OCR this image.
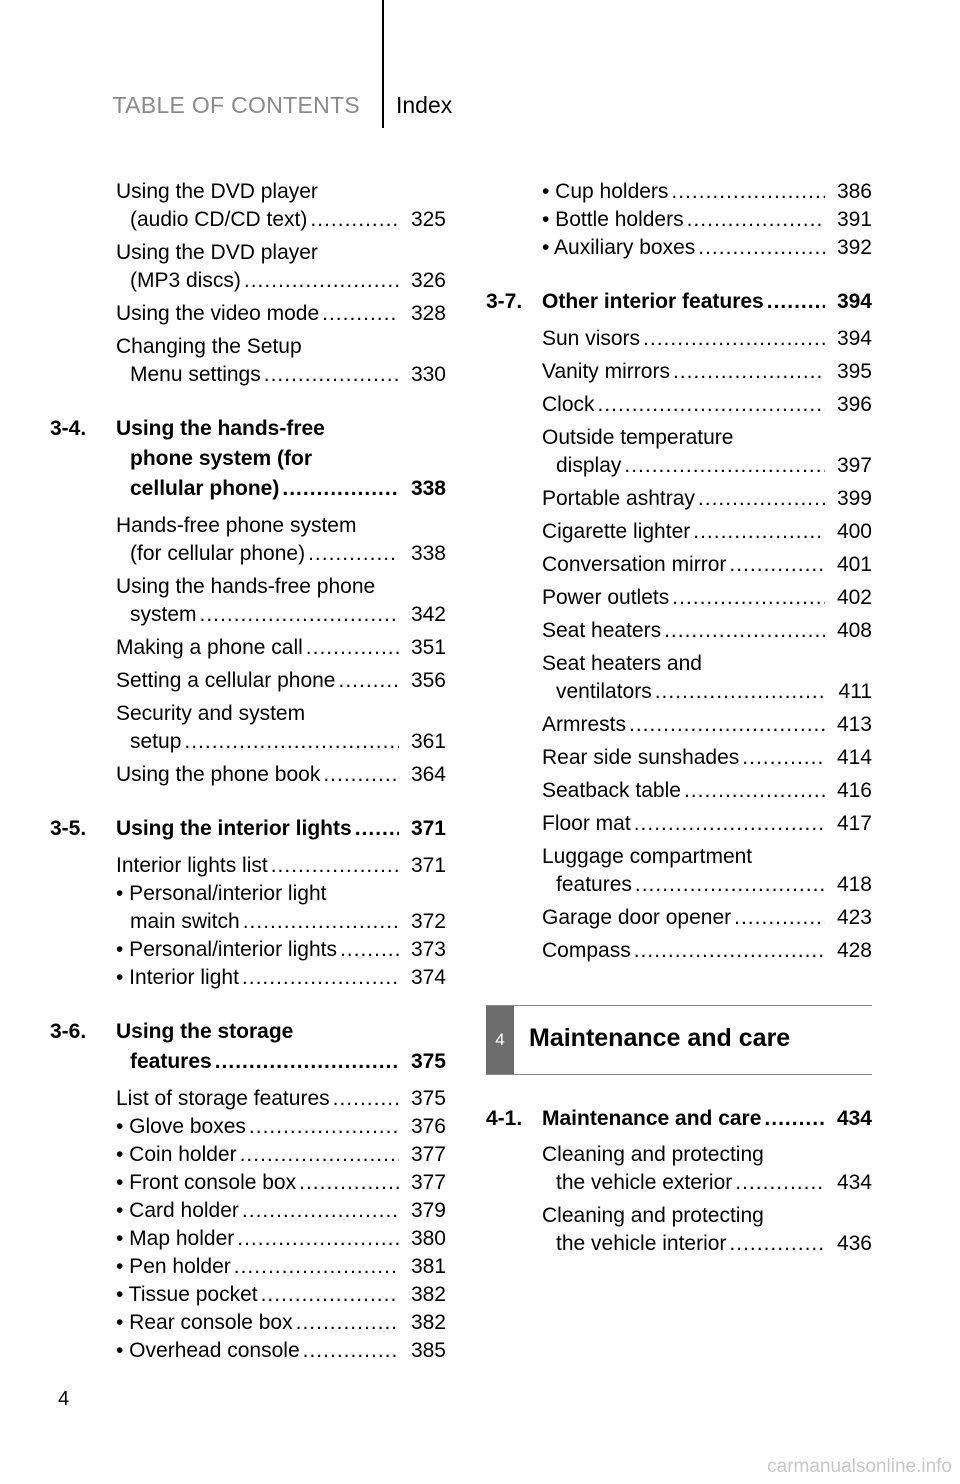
TABLE OF CONTENTS Index
Using the DVD player
(audio CD/CD text) .....	325
Using the DVD player
(MP3 discs) .....	326
Using the video mode .....	328
Changing the Setup
Menu settings .....	330
3-4.	Using the hands-free
phone system (for
cellular phone) .....	338
Hands-free phone system
(for cellular phone) .....	338
Using the hands-free phone
system .....	342
Making a phone call .....	351
Setting a cellular phone .....	356
Security and system
setup .....	361
Using the phone book .....	364
3-5.	Using the interior lights .....	371
Interior lights list .....	371
• Personal/interior light
main switch .....	372
• Personal/interior lights .....	373
• Interior light .....	374
3-6.	Using the storage
features .....	375
List of storage features .....	375
• Glove boxes .....	376
• Coin holder .....	377
• Front console box .....	377
• Card holder .....	379
• Map holder .....	380
• Pen holder .....	381
• Tissue pocket .....	382
• Rear console box .....	382
• Overhead console .....	385
• Cup holders .....	386
• Bottle holders .....	391
• Auxiliary boxes .....	392
3-7. Other interior features .....	394
Sun visors .....	394
Vanity mirrors .....	395
Clock .....	396
Outside temperature
display .....	397
Portable ashtray .....	399
Cigarette lighter .....	400
Conversation mirror .....	401
Power outlets .....	402
Seat heaters .....	408
Seat heaters and
ventilators .....	411
Armrests .....	413
Rear side sunshades .....	414
Seatback table .....	416
Floor mat .....	417
Luggage compartment
features .....	418
Garage door opener .....	423
Compass .....	428
4 Maintenance and care
4-1. Maintenance and care .....	434
Cleaning and protecting
the vehicle exterior .....	434
Cleaning and protecting
the vehicle interior .....	436
4
carmanualsonline.info
